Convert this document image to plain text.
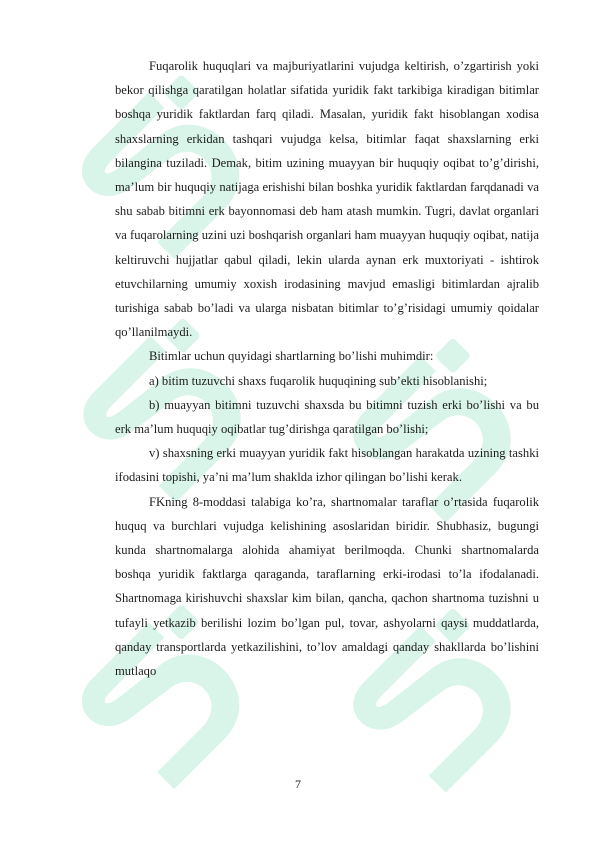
Fuqarolik huquqlari va majburiyatlarini vujudga keltirish, o’zgartirish yoki bekor qilishga qaratilgan holatlar sifatida yuridik fakt tarkibiga kiradigan bitimlar boshqa yuridik faktlardan farq qiladi. Masalan, yuridik fakt hisoblangan xodisa shaxslarning erkidan tashqari vujudga kelsa, bitimlar faqat shaxslarning erki bilangina tuziladi. Demak, bitim uzining muayyan bir huquqiy oqibat to’g’dirishi, ma’lum bir huquqiy natijaga erishishi bilan boshka yuridik faktlardan farqdanadi va shu sabab bitimni erk bayonnomasi deb ham atash mumkin. Tugri, davlat organlari va fuqarolarning uzini uzi boshqarish organlari ham muayyan huquqiy oqibat, natija keltiruvchi hujjatlar qabul qiladi, lekin ularda aynan erk muxtoriyati - ishtirok etuvchilarning umumiy xoxish irodasining mavjud emasligi bitimlardan ajralib turishiga sabab bo’ladi va ularga nisbatan bitimlar to’g’risidagi umumiy qoidalar qo’llanilmaydi.

Bitimlar uchun quyidagi shartlarning bo’lishi muhimdir:

a) bitim tuzuvchi shaxs fuqarolik huquqining sub’ekti hisoblanishi;

b) muayyan bitimni tuzuvchi shaxsda bu bitimni tuzish erki bo’lishi va bu erk ma’lum huquqiy oqibatlar tug’dirishga qaratilgan bo’lishi;

v) shaxsning erki muayyan yuridik fakt hisoblangan harakatda uzining tashki ifodasini topishi, ya’ni ma’lum shaklda izhor qilingan bo’lishi kerak.

FKning 8-moddasi talabiga ko’ra, shartnomalar taraflar o’rtasida fuqarolik huquq va burchlari vujudga kelishining asoslaridan biridir. Shubhasiz, bugungi kunda shartnomalarga alohida ahamiyat berilmoqda. Chunki shartnomalarda boshqa yuridik faktlarga qaraganda, taraflarning erki-irodasi to’la ifodalanadi. Shartnomaga kirishuvchi shaxslar kim bilan, qancha, qachon shartnoma tuzishni u tufayli yetkazib berilishi lozim bo’lgan pul, tovar, ashyolarni qaysi muddatlarda, qanday transportlarda yetkazilishini, to’lov amaldagi qanday shakllarda bo’lishini mutlaqo

7
